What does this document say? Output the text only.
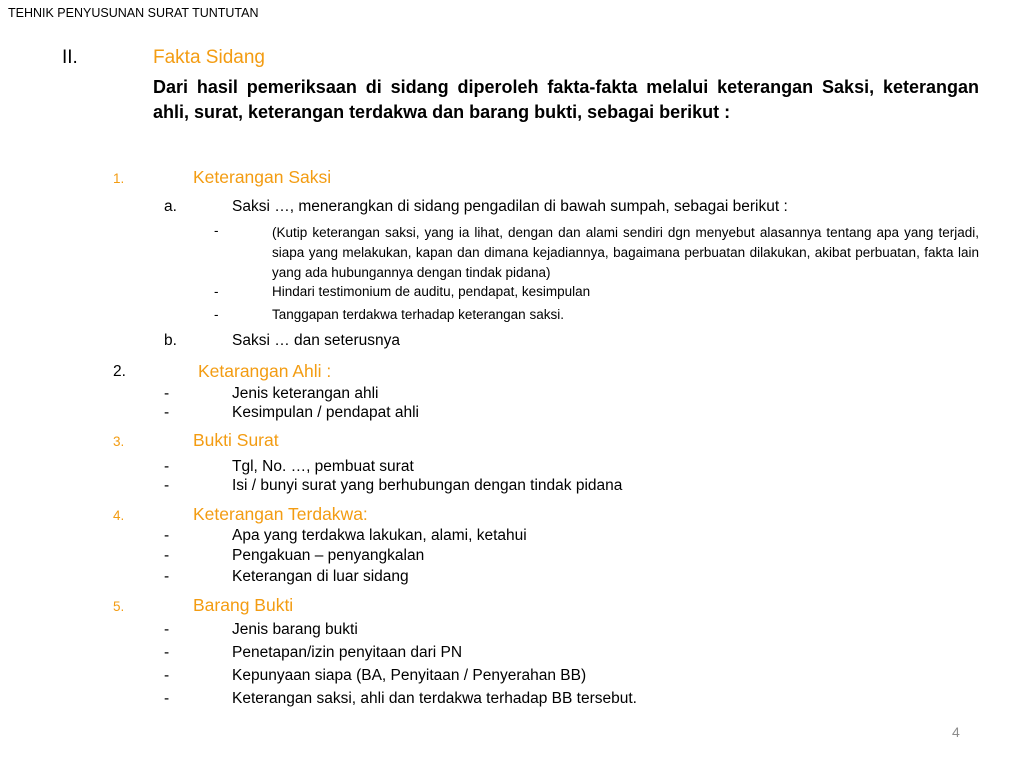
TEHNIK PENYUSUNAN SURAT TUNTUTAN
II.	Fakta Sidang
Dari hasil pemeriksaan di sidang diperoleh fakta-fakta melalui keterangan Saksi, keterangan ahli, surat, keterangan terdakwa dan barang bukti, sebagai berikut :
1.	Keterangan Saksi
a.	Saksi …, menerangkan di sidang pengadilan di bawah sumpah, sebagai berikut :
-	(Kutip keterangan saksi, yang ia lihat, dengan dan alami sendiri dgn menyebut alasannya tentang apa yang terjadi, siapa yang melakukan, kapan dan dimana kejadiannya, bagaimana perbuatan dilakukan, akibat perbuatan, fakta lain yang ada hubungannya dengan tindak pidana)
-	Hindari testimonium de auditu, pendapat, kesimpulan
-	Tanggapan terdakwa terhadap keterangan saksi.
b.	Saksi … dan seterusnya
2.	Ketarangan Ahli :
-	Jenis keterangan ahli
-	Kesimpulan / pendapat ahli
3.	Bukti Surat
-	Tgl, No. …, pembuat surat
-	Isi / bunyi surat yang berhubungan dengan tindak pidana
4.	Keterangan Terdakwa:
-	Apa yang terdakwa lakukan, alami, ketahui
-	Pengakuan – penyangkalan
-	Keterangan di luar sidang
5.	Barang Bukti
-	Jenis barang bukti
-	Penetapan/izin penyitaan dari PN
-	Kepunyaan siapa (BA, Penyitaan / Penyerahan BB)
-	Keterangan saksi, ahli dan terdakwa terhadap BB tersebut.
4
